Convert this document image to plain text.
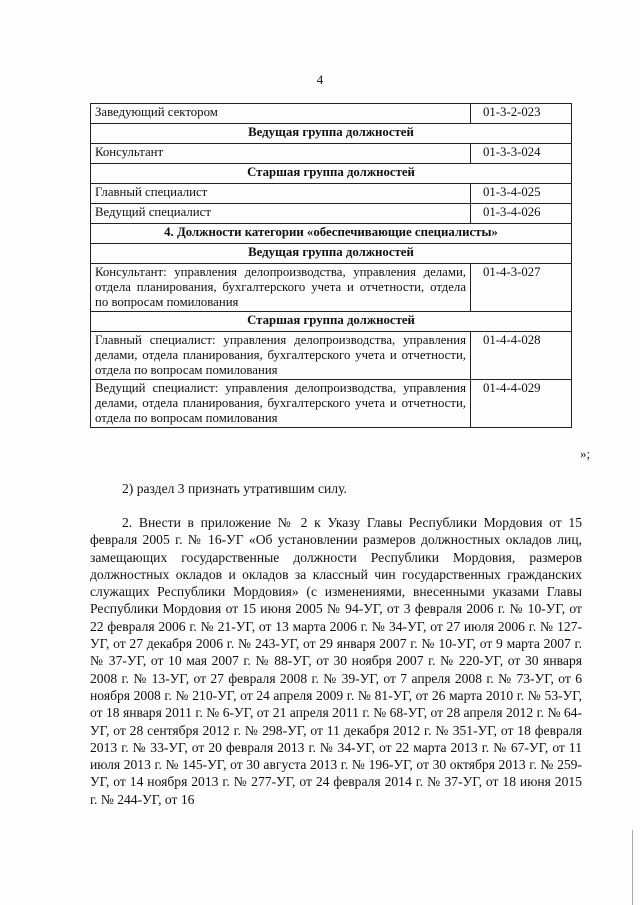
4
Заведующий сектором	01-3-2-023
Ведущая группа должностей	
Консультант	01-3-3-024
Старшая группа должностей	
Главный специалист	01-3-4-025
Ведущий специалист	01-3-4-026
4. Должности категории «обеспечивающие специалисты»	
Ведущая группа должностей	
Консультант: управления делопроизводства, управления делами, отдела планирования, бухгалтерского учета и отчетности, отдела по вопросам помилования	01-4-3-027
Старшая группа должностей	
Главный специалист: управления делопроизводства, управления делами, отдела планирования, бухгалтерского учета и отчетности, отдела по вопросам помилования	01-4-4-028
Ведущий специалист: управления делопроизводства, управления делами, отдела планирования, бухгалтерского учета и отчетности, отдела по вопросам помилования	01-4-4-029
»;

2) раздел 3 признать утратившим силу.

2. Внести в приложение № 2 к Указу Главы Республики Мордовия от 15 февраля 2005 г. № 16-УГ «Об установлении размеров должностных окладов лиц, замещающих государственные должности Республики Мордовия, размеров должностных окладов и окладов за классный чин государственных гражданских служащих Республики Мордовия» (с изменениями, внесенными указами Главы Республики Мордовия от 15 июня 2005 № 94-УГ, от 3 февраля 2006 г. № 10-УГ, от 22 февраля 2006 г. № 21-УГ, от 13 марта 2006 г. № 34-УГ, от 27 июля 2006 г. № 127-УГ, от 27 декабря 2006 г. № 243-УГ, от 29 января 2007 г. № 10-УГ, от 9 марта 2007 г. № 37-УГ, от 10 мая 2007 г. № 88-УГ, от 30 ноября 2007 г. № 220-УГ, от 30 января 2008 г. № 13-УГ, от 27 февраля 2008 г. № 39-УГ, от 7 апреля 2008 г. № 73-УГ, от 6 ноября 2008 г. № 210-УГ, от 24 апреля 2009 г. № 81-УГ, от 26 марта 2010 г. № 53-УГ, от 18 января 2011 г. № 6-УГ, от 21 апреля 2011 г. № 68-УГ, от 28 апреля 2012 г. № 64-УГ, от 28 сентября 2012 г. № 298-УГ, от 11 декабря 2012 г. № 351-УГ, от 18 февраля 2013 г. № 33-УГ, от 20 февраля 2013 г. № 34-УГ, от 22 марта 2013 г. № 67-УГ, от 11 июля 2013 г. № 145-УГ, от 30 августа 2013 г. № 196-УГ, от 30 октября 2013 г. № 259-УГ, от 14 ноября 2013 г. № 277-УГ, от 24 февраля 2014 г. № 37-УГ, от 18 июня 2015 г. № 244-УГ, от 16
